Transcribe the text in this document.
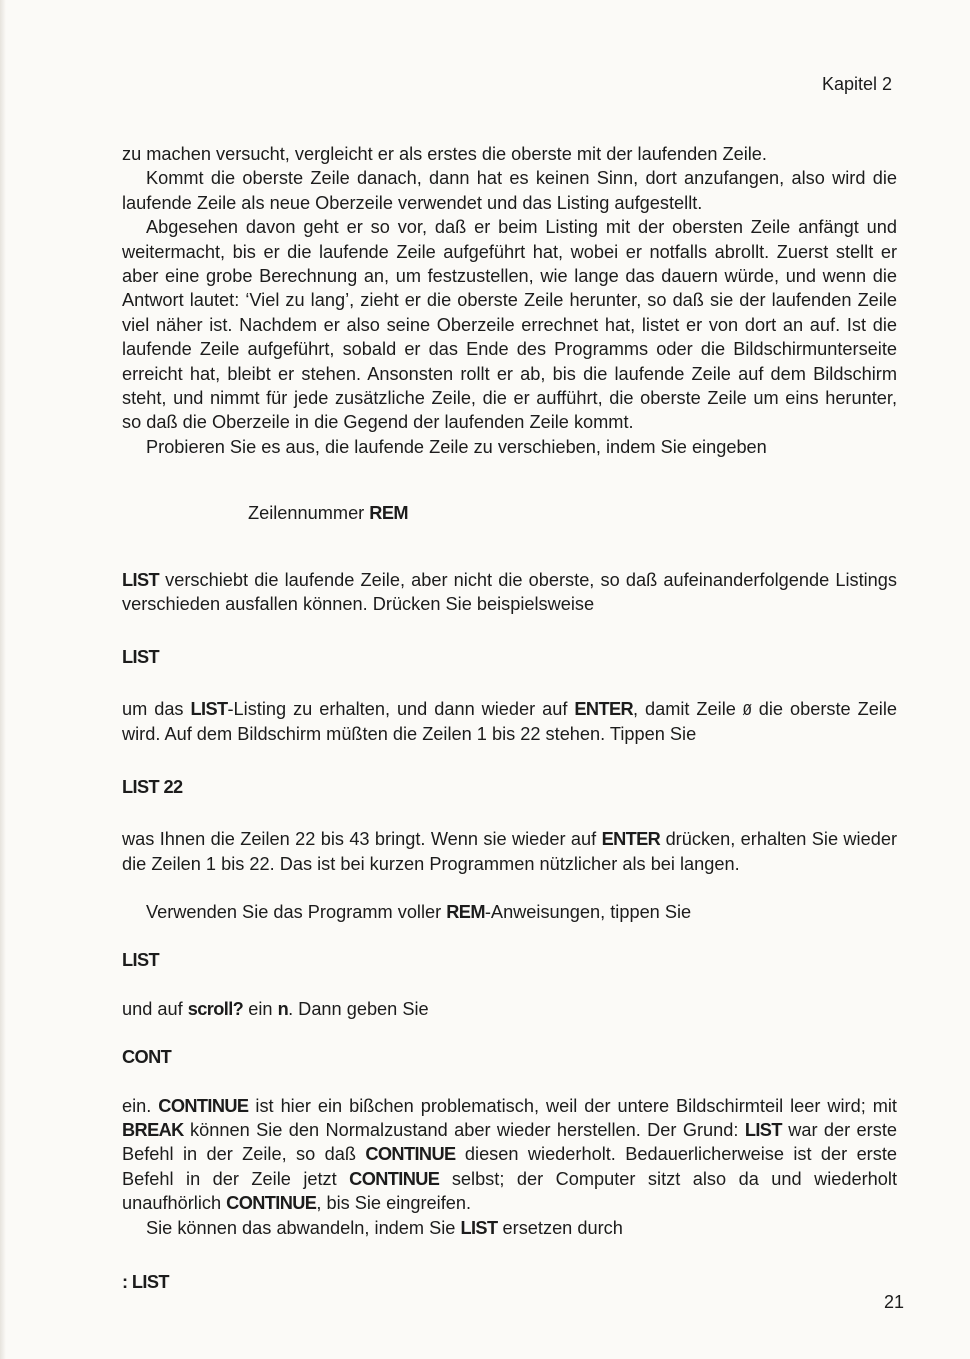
Kapitel 2

zu machen versucht, vergleicht er als erstes die oberste mit der laufenden Zeile.

Kommt die oberste Zeile danach, dann hat es keinen Sinn, dort anzufangen, also wird die laufende Zeile als neue Oberzeile verwendet und das Listing aufgestellt.

Abgesehen davon geht er so vor, daß er beim Listing mit der obersten Zeile anfängt und weitermacht, bis er die laufende Zeile aufgeführt hat, wobei er notfalls abrollt. Zuerst stellt er aber eine grobe Berechnung an, um festzustellen, wie lange das dauern würde, und wenn die Antwort lautet: ‘Viel zu lang’, zieht er die oberste Zeile herunter, so daß sie der laufenden Zeile viel näher ist. Nachdem er also seine Oberzeile errechnet hat, listet er von dort an auf. Ist die laufende Zeile aufgeführt, sobald er das Ende des Programms oder die Bildschirmunterseite erreicht hat, bleibt er stehen. Ansonsten rollt er ab, bis die laufende Zeile auf dem Bildschirm steht, und nimmt für jede zusätzliche Zeile, die er aufführt, die oberste Zeile um eins herunter, so daß die Oberzeile in die Gegend der laufenden Zeile kommt.

Probieren Sie es aus, die laufende Zeile zu verschieben, indem Sie eingeben

Zeilennummer REM

LIST verschiebt die laufende Zeile, aber nicht die oberste, so daß aufeinanderfolgende Listings verschieden ausfallen können. Drücken Sie beispielsweise

LIST

um das LIST-Listing zu erhalten, und dann wieder auf ENTER, damit Zeile Ø die oberste Zeile wird. Auf dem Bildschirm müßten die Zeilen 1 bis 22 stehen. Tippen Sie

LIST 22

was Ihnen die Zeilen 22 bis 43 bringt. Wenn sie wieder auf ENTER drücken, erhalten Sie wieder die Zeilen 1 bis 22. Das ist bei kurzen Programmen nützlicher als bei langen.

Verwenden Sie das Programm voller REM-Anweisungen, tippen Sie

LIST

und auf scroll? ein n. Dann geben Sie

CONT

ein. CONTINUE ist hier ein bißchen problematisch, weil der untere Bildschirmteil leer wird; mit BREAK können Sie den Normalzustand aber wieder herstellen. Der Grund: LIST war der erste Befehl in der Zeile, so daß CONTINUE diesen wiederholt. Bedauerlicherweise ist der erste Befehl in der Zeile jetzt CONTINUE selbst; der Computer sitzt also da und wiederholt unaufhörlich CONTINUE, bis Sie eingreifen.

Sie können das abwandeln, indem Sie LIST ersetzen durch

: LIST

21
